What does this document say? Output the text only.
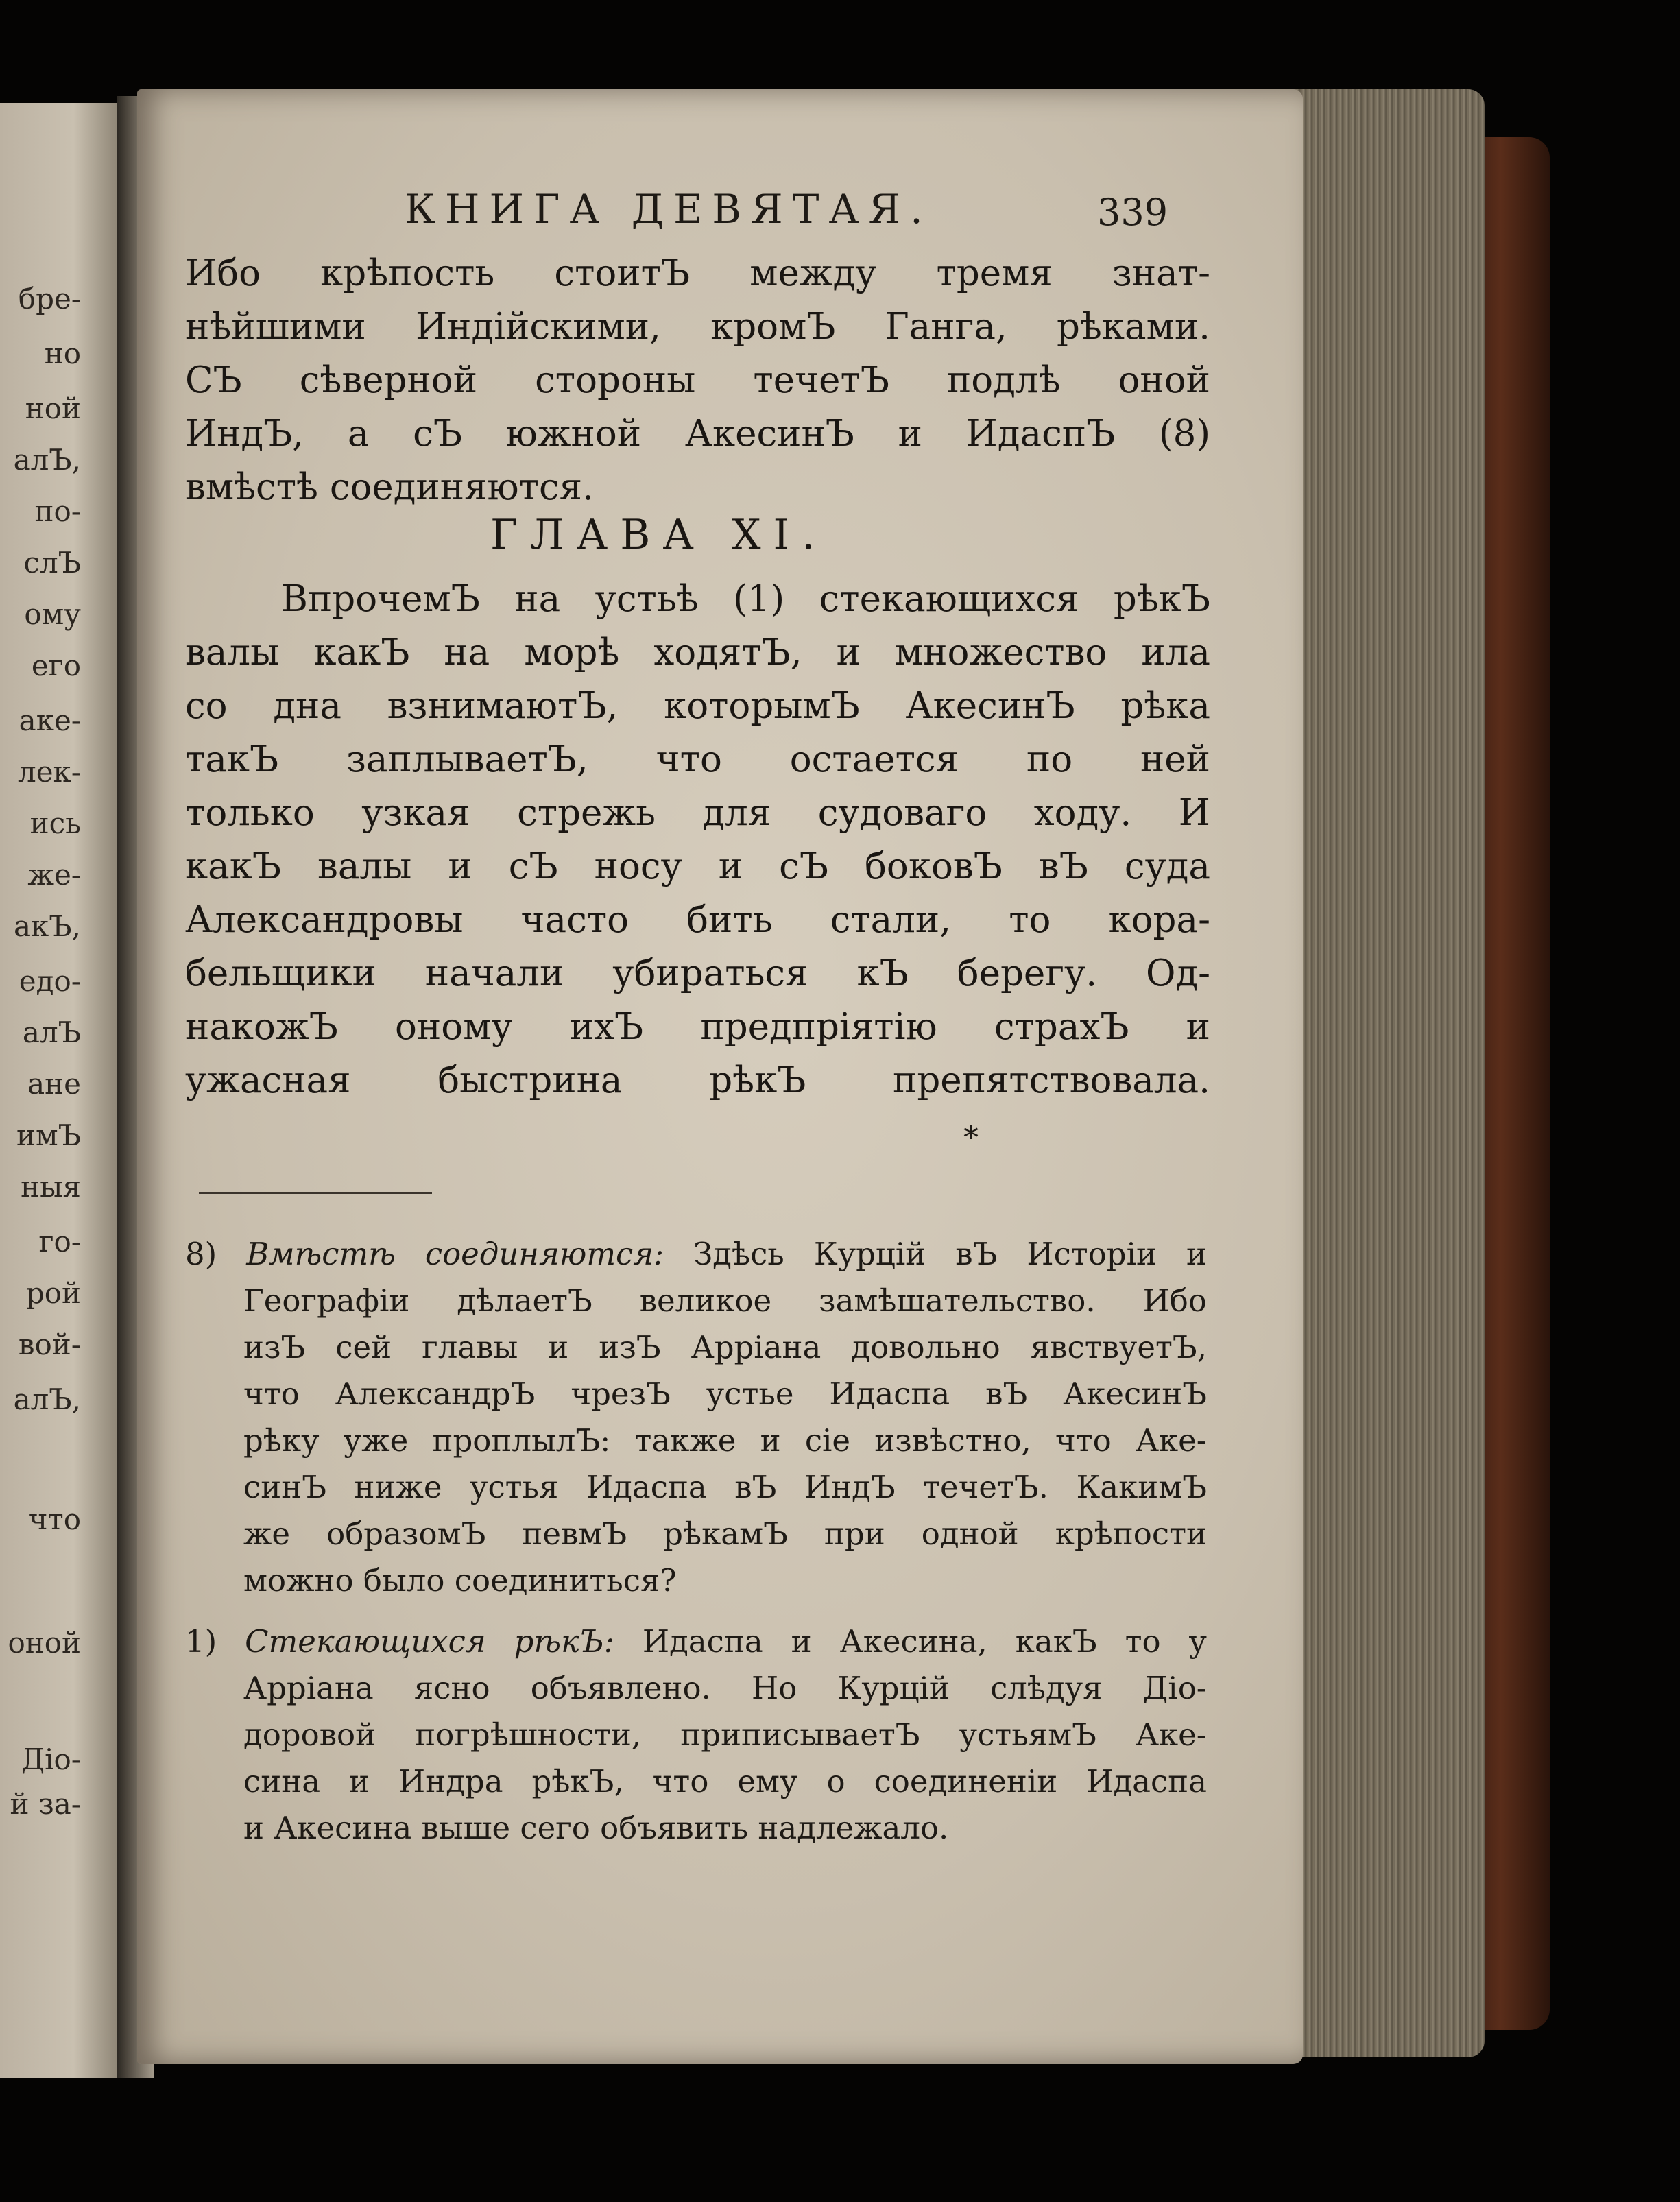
брe-
но
ной
алЪ,
по-
слЪ
ому
его
аке-
лек-
ись
же-
акЪ,
едо-
алЪ
ане
имЪ
ныя
го-
рой
вой-
алЪ,
что
оной
Діо-
й за-
КНИГА ДЕВЯТАЯ.	339
Ибо крѣпость стоитЪ между тремя знат-
нѣйшими Индійскими, кромЪ Ганга, рѣками.
СЪ сѣверной стороны течетЪ подлѣ оной
ИндЪ, а сЪ южной АкесинЪ и ИдаспЪ (8)
вмѣстѣ соединяются.
ГЛАВА XI.
ВпрочемЪ на устьѣ (1) стекающихся рѣкЪ
валы какЪ на морѣ ходятЪ, и множество ила
со дна взнимаютЪ, которымЪ АкесинЪ рѣка
такЪ заплываетЪ, что остается по ней
только узкая стрежь для судоваго ходу. И
какЪ валы и сЪ носу и сЪ боковЪ вЪ суда
Александровы часто бить стали, то кора-
бельщики начали убираться кЪ берегу. Од-
накожЪ оному ихЪ предпріятію страхЪ и
ужасная быстрина рѣкЪ препятствовала.
*
8) Вмѣстѣ соединяются: Здѣсь Курцій вЪ Исторіи и
Географіи дѣлаетЪ великое замѣшательство. Ибо
изЪ сей главы и изЪ Арріана довольно явствуетЪ,
что АлександрЪ чрезЪ устье Идаспа вЪ АкесинЪ
рѣку уже проплылЪ: также и сіе извѣстно, что Аке-
синЪ ниже устья Идаспа вЪ ИндЪ течетЪ. КакимЪ
же образомЪ певмЪ рѣкамЪ при одной крѣпости
можно было соединиться?
1) Стекающихся рѣкЪ: Идаспа и Акесина, какЪ то у
Арріана ясно объявлено. Но Курцій слѣдуя Діо-
доровой погрѣшности, приписываетЪ устьямЪ Аке-
сина и Индра рѣкЪ, что ему о соединеніи Идаспа
и Акесина выше сего объявить надлежало.
